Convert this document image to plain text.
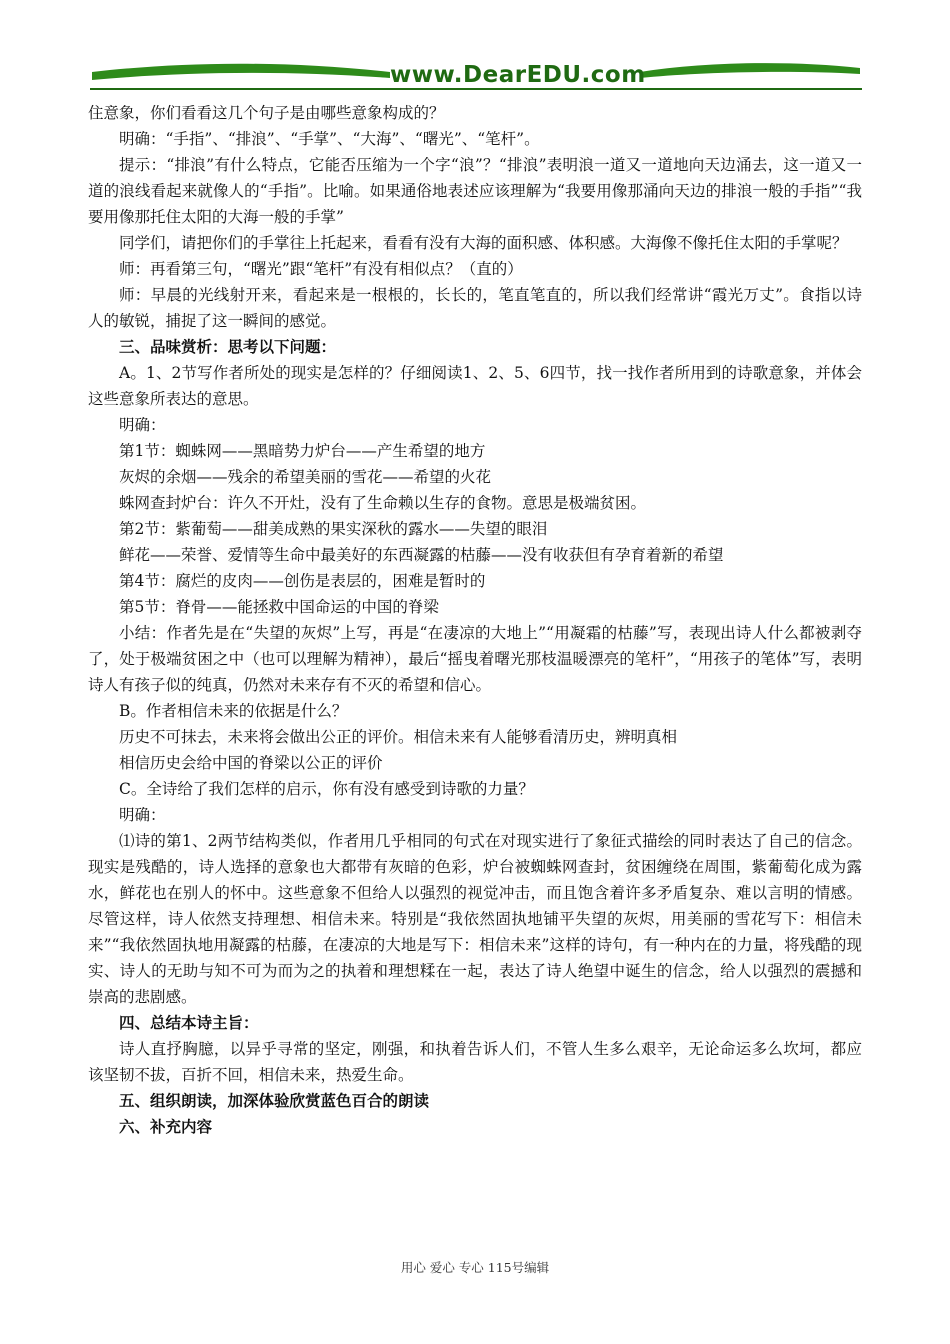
www.DearEDU.com

住意象，你们看看这几个句子是由哪些意象构成的？

明确：“手指”、“排浪”、“手掌”、“大海”、“曙光”、“笔杆”。

提示：“排浪”有什么特点，它能否压缩为一个字“浪”？“排浪”表明浪一道又一道地向天边涌去，这一道又一道的浪线看起来就像人的“手指”。比喻。如果通俗地表述应该理解为“我要用像那涌向天边的排浪一般的手指”“我要用像那托住太阳的大海一般的手掌”

同学们，请把你们的手掌往上托起来，看看有没有大海的面积感、体积感。大海像不像托住太阳的手掌呢？

师：再看第三句，“曙光”跟“笔杆”有没有相似点？（直的）

师：早晨的光线射开来，看起来是一根根的，长长的，笔直笔直的，所以我们经常讲“霞光万丈”。食指以诗人的敏锐，捕捉了这一瞬间的感觉。

三、品味赏析：思考以下问题：

A。1、2节写作者所处的现实是怎样的？仔细阅读1、2、5、6四节，找一找作者所用到的诗歌意象，并体会这些意象所表达的意思。

明确：

第1节：蜘蛛网——黑暗势力炉台——产生希望的地方

灰烬的余烟——残余的希望美丽的雪花——希望的火花

蛛网查封炉台：许久不开灶，没有了生命赖以生存的食物。意思是极端贫困。

第2节：紫葡萄——甜美成熟的果实深秋的露水——失望的眼泪

鲜花——荣誉、爱情等生命中最美好的东西凝露的枯藤——没有收获但有孕育着新的希望

第4节：腐烂的皮肉——创伤是表层的，困难是暂时的

第5节：脊骨——能拯救中国命运的中国的脊梁

小结：作者先是在“失望的灰烬”上写，再是“在凄凉的大地上”“用凝霜的枯藤”写，表现出诗人什么都被剥夺了，处于极端贫困之中（也可以理解为精神），最后“摇曳着曙光那枝温暖漂亮的笔杆”，“用孩子的笔体”写，表明诗人有孩子似的纯真，仍然对未来存有不灭的希望和信心。

B。作者相信未来的依据是什么？

历史不可抹去，未来将会做出公正的评价。相信未来有人能够看清历史，辨明真相

相信历史会给中国的脊梁以公正的评价

C。全诗给了我们怎样的启示，你有没有感受到诗歌的力量？

明确：

⑴诗的第1、2两节结构类似，作者用几乎相同的句式在对现实进行了象征式描绘的同时表达了自己的信念。现实是残酷的，诗人选择的意象也大都带有灰暗的色彩，炉台被蜘蛛网查封，贫困缠绕在周围，紫葡萄化成为露水，鲜花也在别人的怀中。这些意象不但给人以强烈的视觉冲击，而且饱含着许多矛盾复杂、难以言明的情感。尽管这样，诗人依然支持理想、相信未来。特别是“我依然固执地铺平失望的灰烬，用美丽的雪花写下：相信未来”“我依然固执地用凝露的枯藤，在凄凉的大地是写下：相信未来”这样的诗句，有一种内在的力量，将残酷的现实、诗人的无助与知不可为而为之的执着和理想糅在一起，表达了诗人绝望中诞生的信念，给人以强烈的震撼和崇高的悲剧感。

四、总结本诗主旨：

诗人直抒胸臆，以异乎寻常的坚定，刚强，和执着告诉人们，不管人生多么艰辛，无论命运多么坎坷，都应该坚韧不拔，百折不回，相信未来，热爱生命。

五、组织朗读，加深体验欣赏蓝色百合的朗读

六、补充内容

用心 爱心 专心 115号编辑
